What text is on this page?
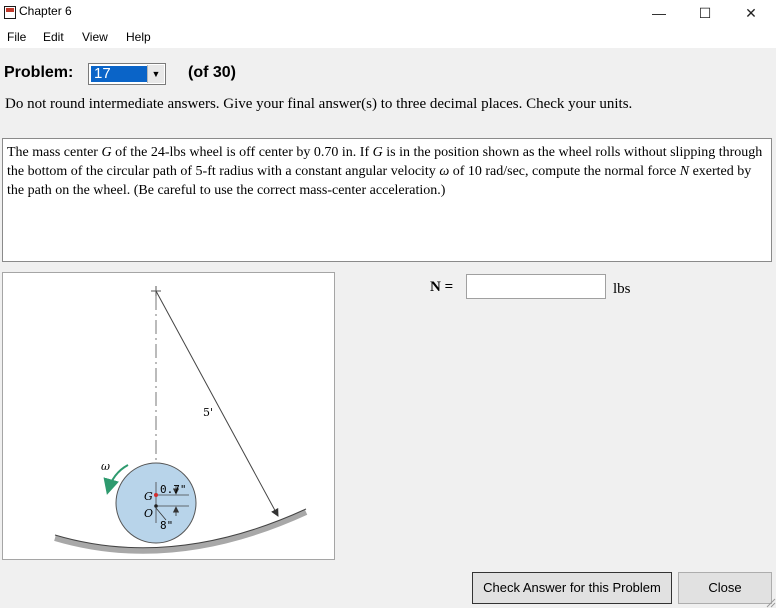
Chapter 6	—	☐	✕
File Edit View Help
Problem: 17	▼ (of 30)
Do not round intermediate answers. Give your final answer(s) to three decimal places. Check your units.
The mass center G of the 24-lbs wheel is off center by 0.70 in. If G is in the position shown as the wheel rolls without slipping through the bottom of the circular path of 5-ft radius with a constant angular velocity ω of 10 rad/sec, compute the normal force N exerted by the path on the wheel. (Be careful to use the correct mass-center acceleration.)
5'
0.7"
G
O
8"
ω
N =	lbs
Check Answer for this Problem	Close
